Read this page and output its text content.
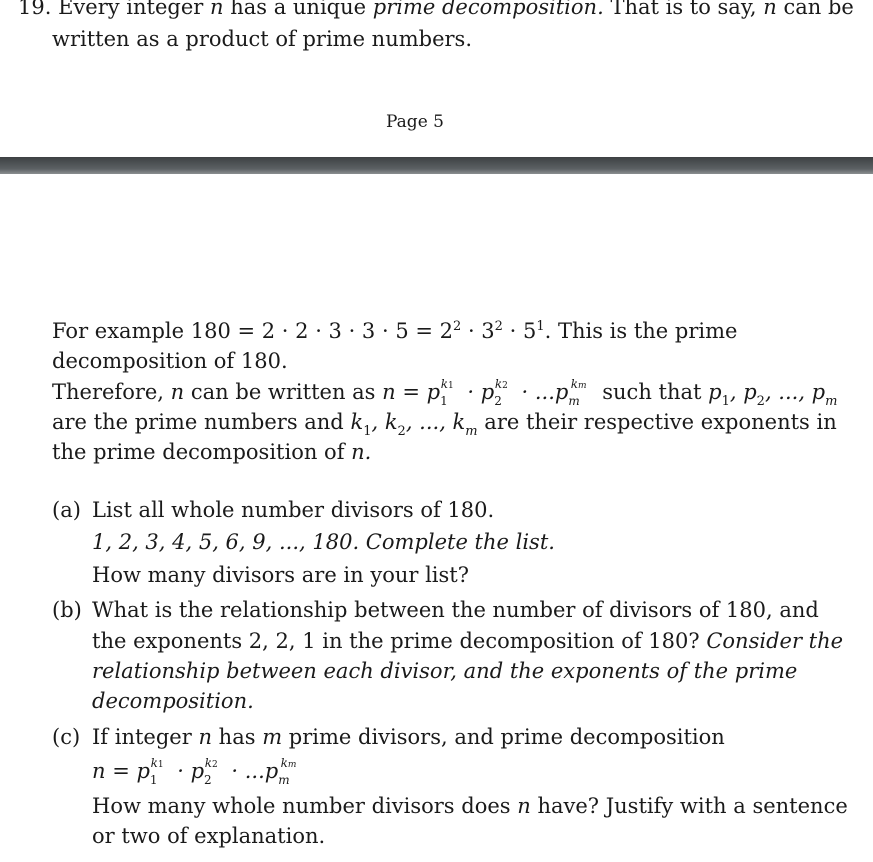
19. Every integer n has a unique prime decomposition. That is to say, n can be
written as a product of prime numbers.
Page 5
For example $180 = 2 \cdot 2 \cdot 3 \cdot 3 \cdot 5 = 2^2 \cdot 3^2 \cdot 5^1$. This is the prime
decomposition of 180.
Therefore, n can be written as $n = p_1^{k1} \cdot p_2^{k2} \cdot ...p_m^{km}$ such that $p_1$, $p_2$, ..., $p_m$
are the prime numbers and $k_1$, $k_2$, ..., $k_m$ are their respective exponents in
the prime decomposition of n.
(a) List all whole number divisors of 180.
1, 2, 3, 4, 5, 6, 9, ..., 180. Complete the list.
How many divisors are in your list?
(b) What is the relationship between the number of divisors of 180, and
the exponents 2, 2, 1 in the prime decomposition of 180? Consider the
relationship between each divisor, and the exponents of the prime
decomposition.
(c) If integer n has m prime divisors, and prime decomposition
$n = p_1^{k1} \cdot p_2^{k2} \cdot ...p_m^{km}$
How many whole number divisors does n have? Justify with a sentence
or two of explanation.
